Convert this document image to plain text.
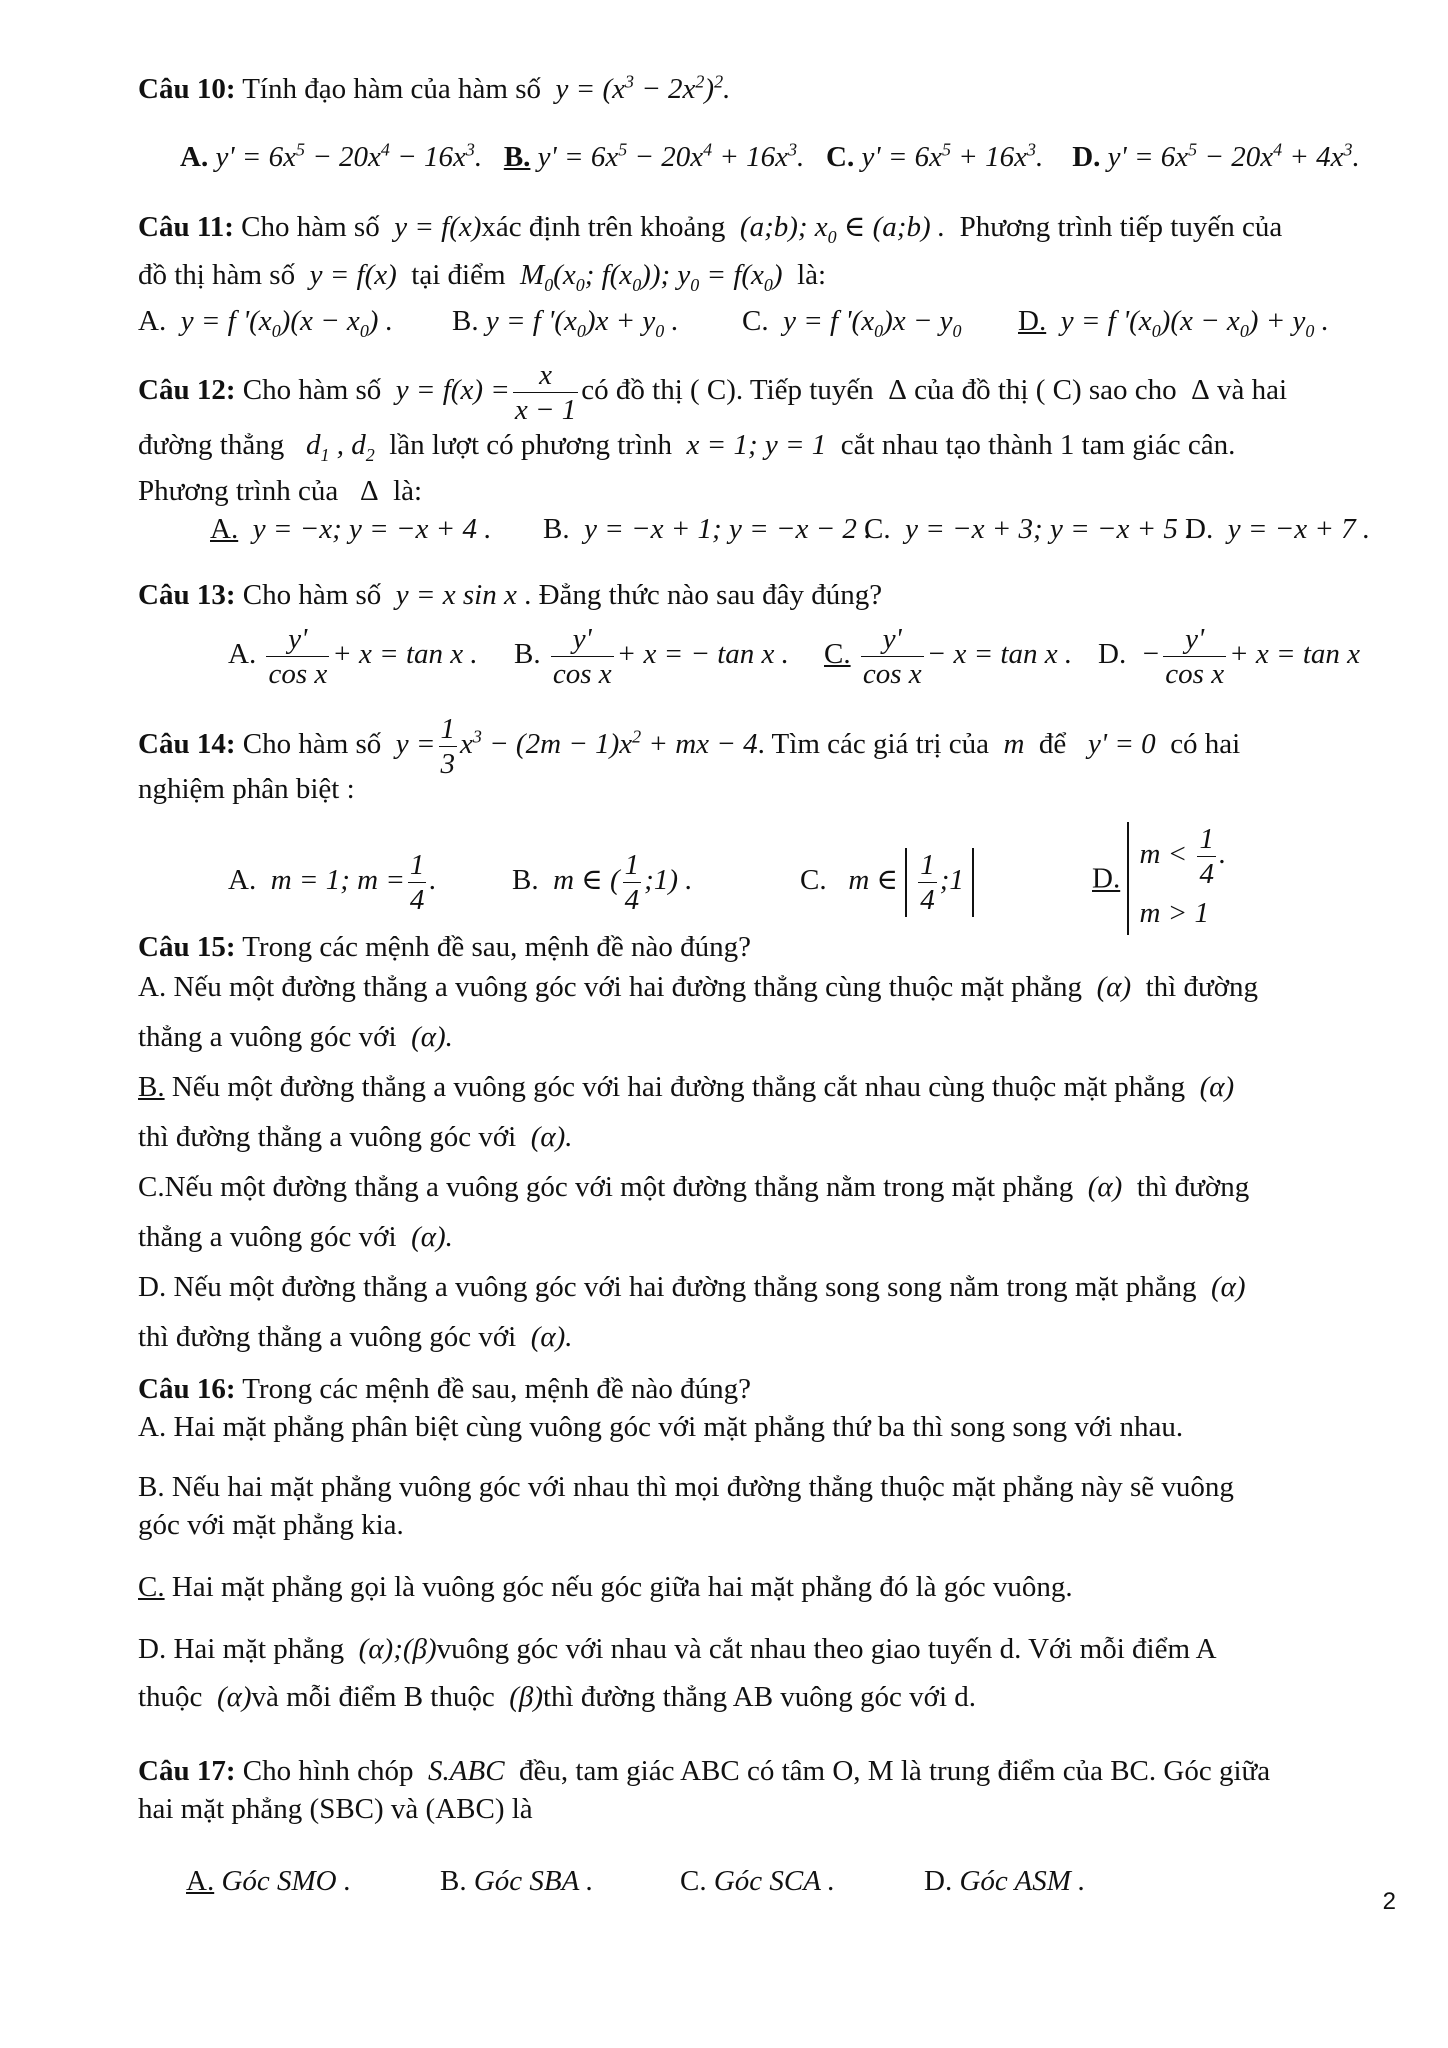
Câu 10: Tính đạo hàm của hàm số  $y = (x^3 - 2x^2)^2$.
A. $y' = 6x^5 - 20x^4 - 16x^3$. B. $y' = 6x^5 - 20x^4 + 16x^3$. C. $y' = 6x^5 + 16x^3$. D. $y' = 6x^5 - 20x^4 + 4x^3$.
Câu 11: Cho hàm số  y = f(x)xác định trên khoảng  (a;b); $x_0$ ∈ (a;b) . Phương trình tiếp tuyến của
đồ thị hàm số  y = f(x)  tại điểm  $M_0(x_0$; $f(x_0)$); $y_0 = f(x_0)$  là:
A.  y = f '$(x_0)(x - x_0)$ . B. y = f '$(x_0)x + y_0$ . C.  y = f '$(x_0)x - y_0$ D.  y = f '$(x_0)(x - x_0) + y_0$ .
Câu 12: Cho hàm số  $y = f(x) = \frac{x}{x - 1}$ có đồ thị ( C). Tiếp tuyến  Δ của đồ thị ( C) sao cho  Δ và hai
đường thẳng   $d_1$ , $d_2$ lần lượt có phương trình  x = 1; y = 1  cắt nhau tạo thành 1 tam giác cân.
Phương trình của   Δ  là:
A.  y = −x; y = −x + 4 . B.  y = −x + 1; y = −x − 2 .
C.  y = −x + 3; y = −x + 5 .
D.  y = −x + 7 .
Câu 13: Cho hàm số  y = x sin x . Đẳng thức nào sau đây đúng?
A. $\frac{y'}{\text{cos x}} + x = \tan x$ . B. $\frac{y'}{\text{cos x}} + x$ = − tan x . C. $\frac{y'}{\text{cos x}} - x = \tan x$ . D.  − $\frac{y'}{\text{cos x}} + x = \tan x$
Câu 14: Cho hàm số  $y = \frac{1}{3} x^3 - (2m - 1)x^2$ + mx − 4. Tìm các giá trị của  m  để   y' = 0  có hai
nghiệm phân biệt :
A.  m = 1; $m = \frac{1}{4}$ .	B.  m ∈ ( $\frac{1}{4}$ ;1) .	C.   m ∈ $\frac{1}{4}$ ;1	D.
$m < \frac{1}{4}$ .
m > 1
Câu 15: Trong các mệnh đề sau, mệnh đề nào đúng?
A. Nếu một đường thẳng a vuông góc với hai đường thẳng cùng thuộc mặt phẳng  (α)  thì đường
thẳng a vuông góc với  (α).
B. Nếu một đường thẳng a vuông góc với hai đường thẳng cắt nhau cùng thuộc mặt phẳng  (α)
thì đường thẳng a vuông góc với  (α).
C.Nếu một đường thẳng a vuông góc với một đường thẳng nằm trong mặt phẳng  (α)  thì đường
thẳng a vuông góc với  (α).
D. Nếu một đường thẳng a vuông góc với hai đường thẳng song song nằm trong mặt phẳng  (α)
thì đường thẳng a vuông góc với  (α).
Câu 16: Trong các mệnh đề sau, mệnh đề nào đúng?
A. Hai mặt phẳng phân biệt cùng vuông góc với mặt phẳng thứ ba thì song song với nhau.
B. Nếu hai mặt phẳng vuông góc với nhau thì mọi đường thẳng thuộc mặt phẳng này sẽ vuông
góc với mặt phẳng kia.
C. Hai mặt phẳng gọi là vuông góc nếu góc giữa hai mặt phẳng đó là góc vuông.
D. Hai mặt phẳng  (α);(β)vuông góc với nhau và cắt nhau theo giao tuyến d. Với mỗi điểm A
thuộc  (α)và mỗi điểm B thuộc  (β)thì đường thẳng AB vuông góc với d.
Câu 17: Cho hình chóp  S.ABC  đều, tam giác ABC có tâm O, M là trung điểm của BC. Góc giữa
hai mặt phẳng (SBC) và (ABC) là
A. Góc SMO .	B. Góc SBA .	C. Góc SCA .	D. Góc ASM .
2
